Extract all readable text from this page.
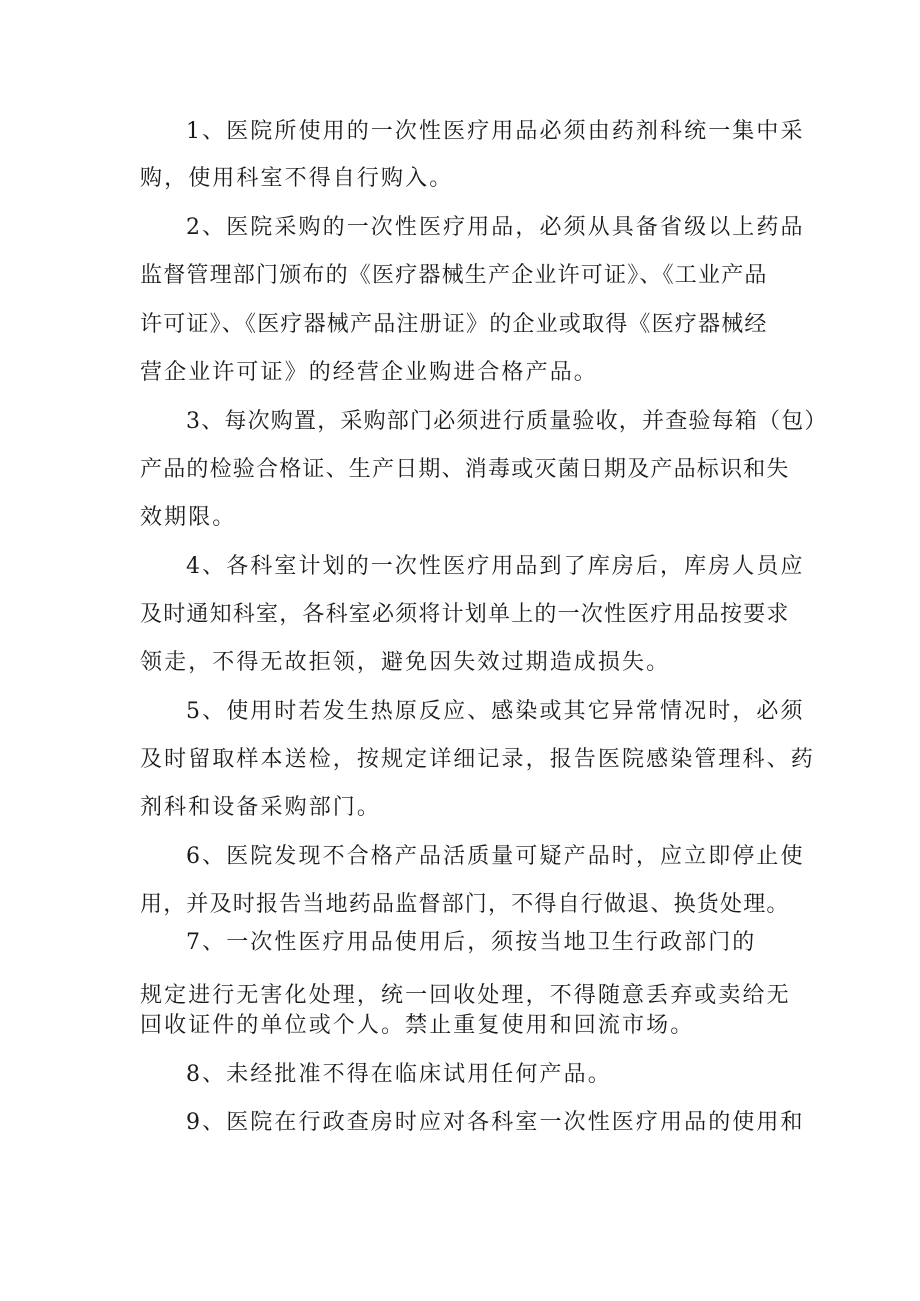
1、医院所使用的一次性医疗用品必须由药剂科统一集中采
购，使用科室不得自行购入。
2、医院采购的一次性医疗用品，必须从具备省级以上药品
监督管理部门颁布的《医疗器械生产企业许可证》、《工业产品
许可证》、《医疗器械产品注册证》的企业或取得《医疗器械经
营企业许可证》的经营企业购进合格产品。
3、每次购置，采购部门必须进行质量验收，并查验每箱（包）
产品的检验合格证、生产日期、消毒或灭菌日期及产品标识和失
效期限。
4、各科室计划的一次性医疗用品到了库房后，库房人员应
及时通知科室，各科室必须将计划单上的一次性医疗用品按要求
领走，不得无故拒领，避免因失效过期造成损失。
5、使用时若发生热原反应、感染或其它异常情况时，必须
及时留取样本送检，按规定详细记录，报告医院感染管理科、药
剂科和设备采购部门。
6、医院发现不合格产品活质量可疑产品时，应立即停止使
用，并及时报告当地药品监督部门，不得自行做退、换货处理。
7、一次性医疗用品使用后，须按当地卫生行政部门的
规定进行无害化处理，统一回收处理，不得随意丢弃或卖给无
回收证件的单位或个人。禁止重复使用和回流市场。
8、未经批准不得在临床试用任何产品。
9、医院在行政查房时应对各科室一次性医疗用品的使用和
